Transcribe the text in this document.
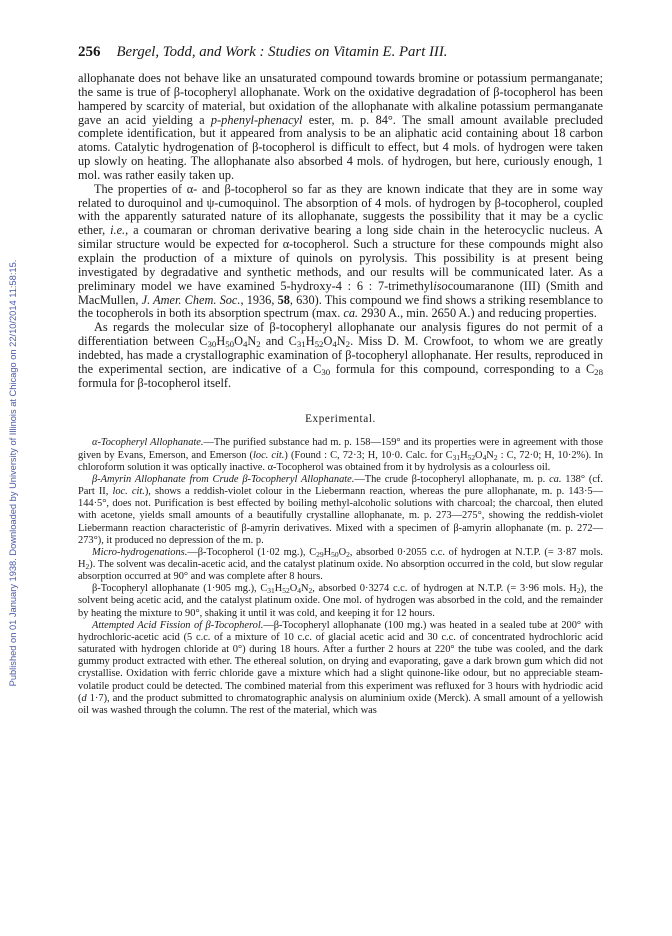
Published on 01 January 1938. Downloaded by University of Illinois at Chicago on 22/10/2014 11:58:15.
256 Bergel, Todd, and Work : Studies on Vitamin E. Part III.

allophanate does not behave like an unsaturated compound towards bromine or potassium permanganate; the same is true of β-tocopheryl allophanate. Work on the oxidative degradation of β-tocopherol has been hampered by scarcity of material, but oxidation of the allophanate with alkaline potassium permanganate gave an acid yielding a p-phenyl-phenacyl ester, m. p. 84°. The small amount available precluded complete identification, but it appeared from analysis to be an aliphatic acid containing about 18 carbon atoms. Catalytic hydrogenation of β-tocopherol is difficult to effect, but 4 mols. of hydrogen were taken up slowly on heating. The allophanate also absorbed 4 mols. of hydrogen, but here, curiously enough, 1 mol. was rather easily taken up.

The properties of α- and β-tocopherol so far as they are known indicate that they are in some way related to duroquinol and ψ-cumoquinol. The absorption of 4 mols. of hydrogen by β-tocopherol, coupled with the apparently saturated nature of its allophanate, suggests the possibility that it may be a cyclic ether, i.e., a coumaran or chroman derivative bearing a long side chain in the heterocyclic nucleus. A similar structure would be expected for α-tocopherol. Such a structure for these compounds might also explain the production of a mixture of quinols on pyrolysis. This possibility is at present being investigated by degradative and synthetic methods, and our results will be communicated later. As a preliminary model we have examined 5-hydroxy-4 : 6 : 7-trimethylisocoumaranone (III) (Smith and MacMullen, J. Amer. Chem. Soc., 1936, 58, 630). This compound we find shows a striking resemblance to the tocopherols in both its absorption spectrum (max. ca. 2930 A., min. 2650 A.) and reducing properties.

As regards the molecular size of β-tocopheryl allophanate our analysis figures do not permit of a differentiation between $C_{30}H_{50}O_4N_2$ and $C_{31}H_{52}O_4N_2$. Miss D. M. Crowfoot, to whom we are greatly indebted, has made a crystallographic examination of β-tocopheryl allophanate. Her results, reproduced in the experimental section, are indicative of a $C_{30}$ formula for this compound, corresponding to a $C_{28}$ formula for β-tocopherol itself.

Experimental.

α-Tocopheryl Allophanate.—The purified substance had m. p. 158—159° and its properties were in agreement with those given by Evans, Emerson, and Emerson (loc. cit.) (Found : C, 72·3; H, 10·0. Calc. for $C_{31}H_{52}O_4N_2$ : C, 72·0; H, 10·2%). In chloroform solution it was optically inactive. α-Tocopherol was obtained from it by hydrolysis as a colourless oil.

β-Amyrin Allophanate from Crude β-Tocopheryl Allophanate.—The crude β-tocopheryl allophanate, m. p. ca. 138° (cf. Part II, loc. cit.), shows a reddish-violet colour in the Liebermann reaction, whereas the pure allophanate, m. p. 143·5—144·5°, does not. Purification is best effected by boiling methyl-alcoholic solutions with charcoal; the charcoal, then eluted with acetone, yields small amounts of a beautifully crystalline allophanate, m. p. 273—275°, showing the reddish-violet Liebermann reaction characteristic of β-amyrin derivatives. Mixed with a specimen of β-amyrin allophanate (m. p. 272—273°), it produced no depression of the m. p.

Micro-hydrogenations.—β-Tocopherol (1·02 mg.), $C_{29}H_{50}O_2$, absorbed 0·2055 c.c. of hydrogen at N.T.P. (= 3·87 mols. $H_2$). The solvent was decalin-acetic acid, and the catalyst platinum oxide. No absorption occurred in the cold, but slow regular absorption occurred at 90° and was complete after 8 hours.

β-Tocopheryl allophanate (1·905 mg.), $C_{31}H_{52}O_4N_2$, absorbed 0·3274 c.c. of hydrogen at N.T.P. (= 3·96 mols. $H_2$), the solvent being acetic acid, and the catalyst platinum oxide. One mol. of hydrogen was absorbed in the cold, and the remainder by heating the mixture to 90°, shaking it until it was cold, and keeping it for 12 hours.

Attempted Acid Fission of β-Tocopherol.—β-Tocopheryl allophanate (100 mg.) was heated in a sealed tube at 200° with hydrochloric-acetic acid (5 c.c. of a mixture of 10 c.c. of glacial acetic acid and 30 c.c. of concentrated hydrochloric acid saturated with hydrogen chloride at 0°) during 18 hours. After a further 2 hours at 220° the tube was cooled, and the dark gummy product extracted with ether. The ethereal solution, on drying and evaporating, gave a dark brown gum which did not crystallise. Oxidation with ferric chloride gave a mixture which had a slight quinone-like odour, but no appreciable steam-volatile product could be detected. The combined material from this experiment was refluxed for 3 hours with hydriodic acid (d 1·7), and the product submitted to chromatographic analysis on aluminium oxide (Merck). A small amount of a yellowish oil was washed through the column. The rest of the material, which was
